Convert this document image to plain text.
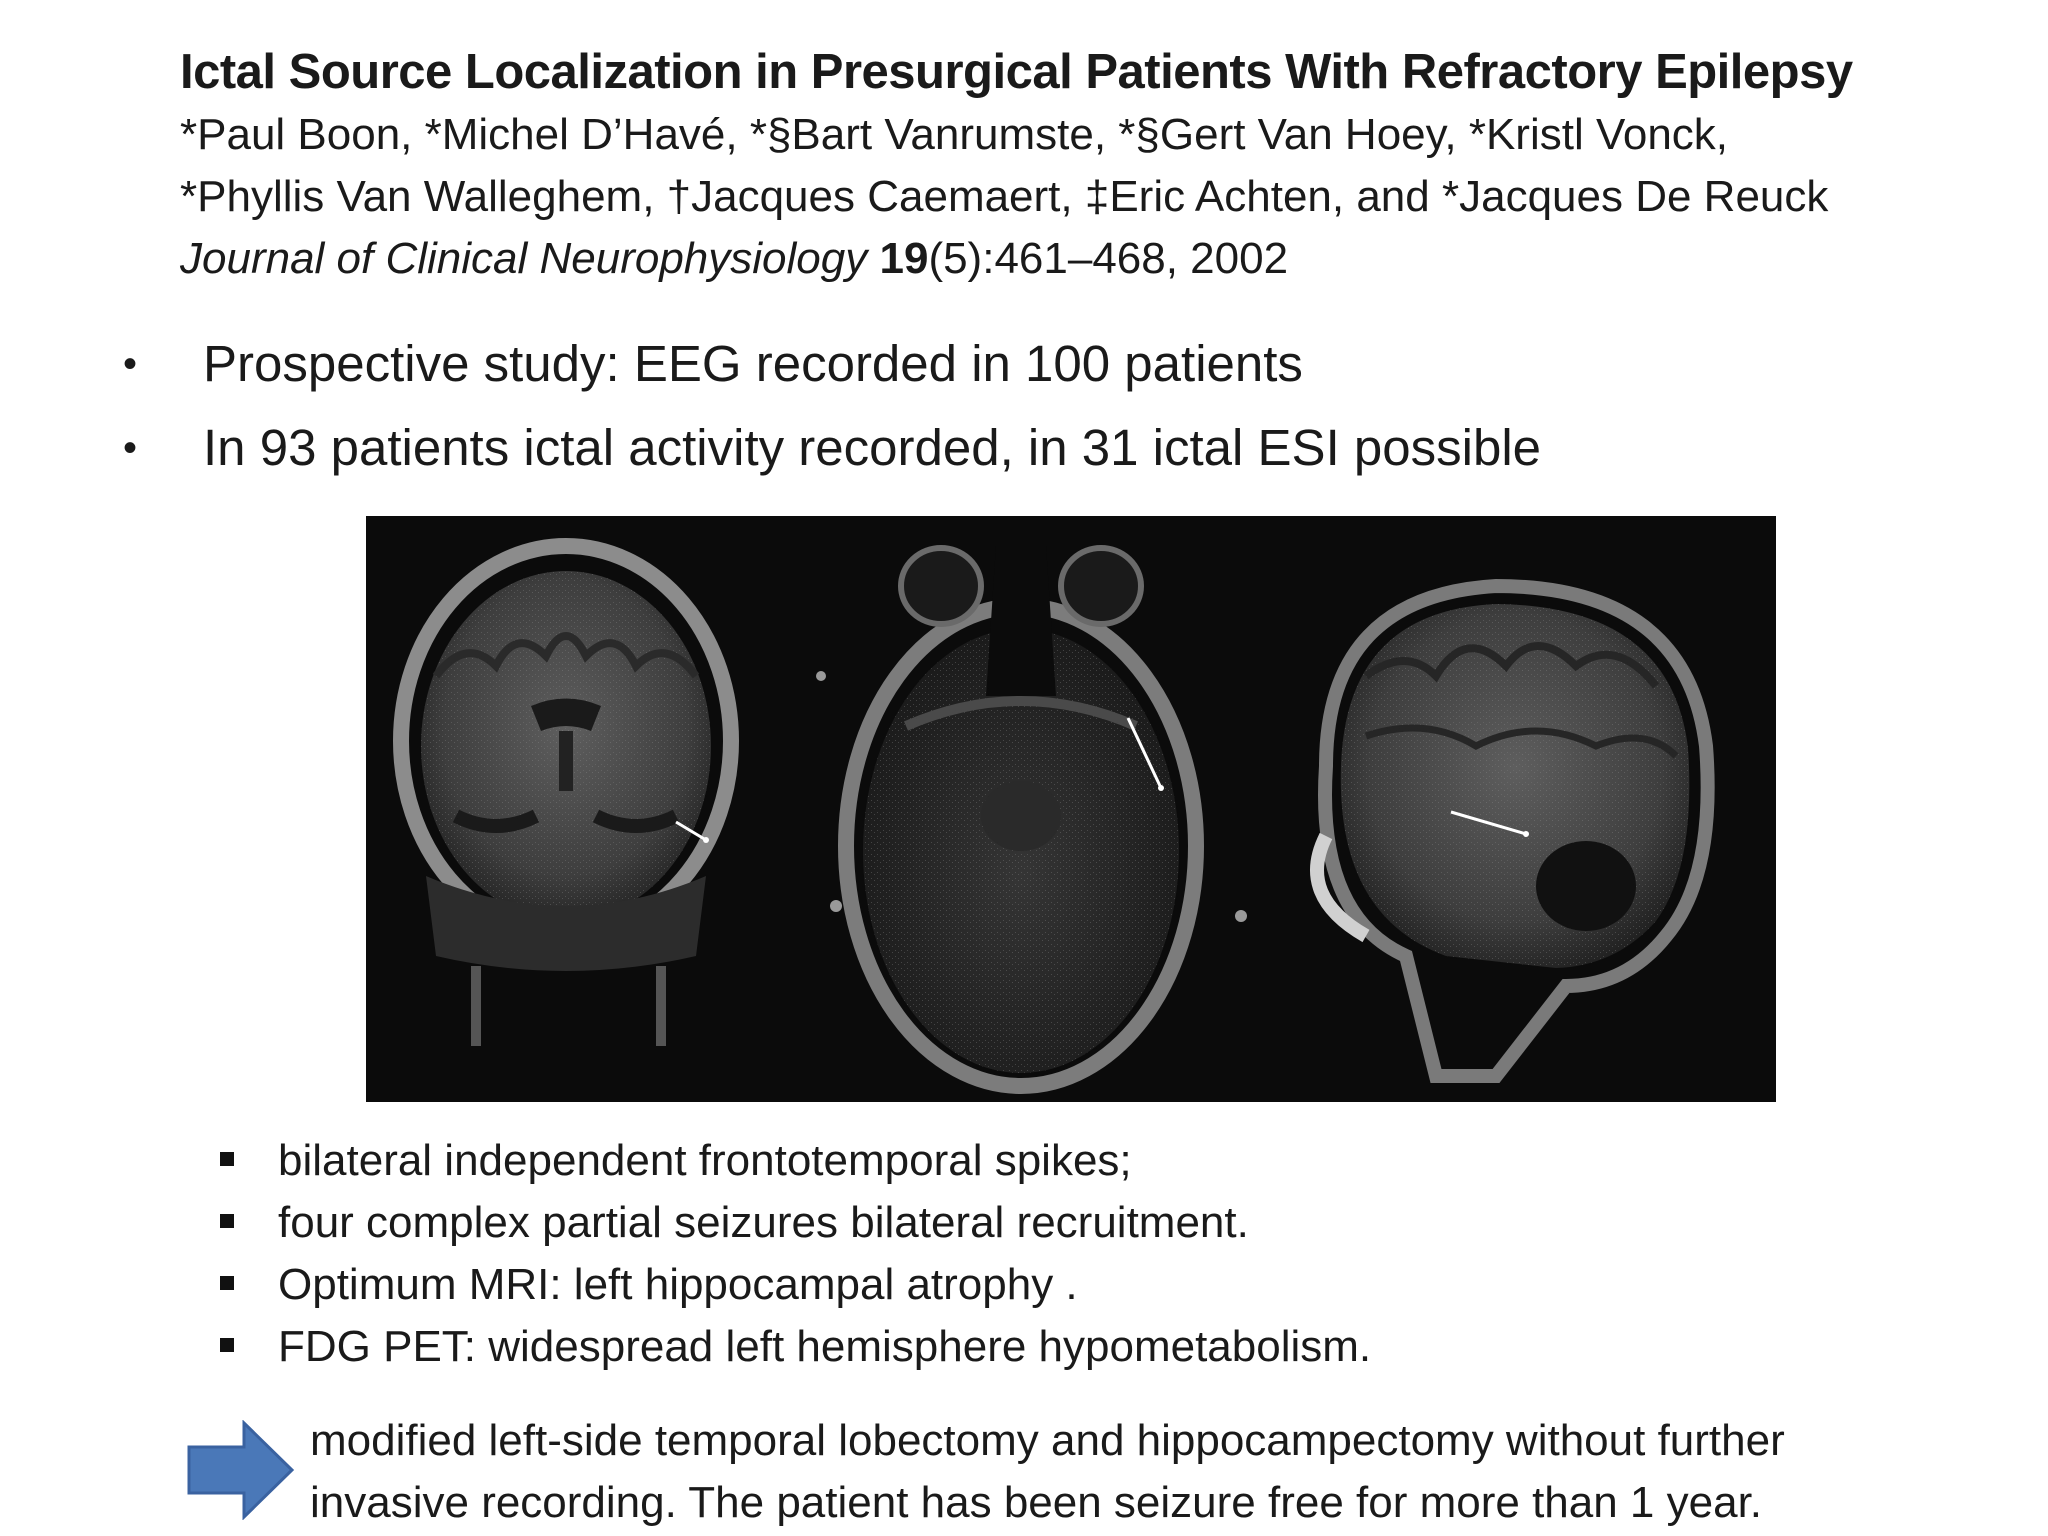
Ictal Source Localization in Presurgical Patients With Refractory Epilepsy
*Paul Boon, *Michel D’Havé, *§Bart Vanrumste, *§Gert Van Hoey, *Kristl Vonck,
*Phyllis Van Walleghem, †Jacques Caemaert, ‡Eric Achten, and *Jacques De Reuck
Journal of Clinical Neurophysiology 19(5):461–468, 2002
• Prospective study: EEG recorded in 100 patients
• In 93 patients ictal activity recorded, in 31 ictal ESI possible
bilateral independent frontotemporal spikes;
four complex partial seizures bilateral recruitment.
Optimum MRI: left hippocampal atrophy .
FDG PET: widespread left hemisphere hypometabolism.
modified left-side temporal lobectomy and hippocampectomy without further
invasive recording. The patient has been seizure free for more than 1 year.
